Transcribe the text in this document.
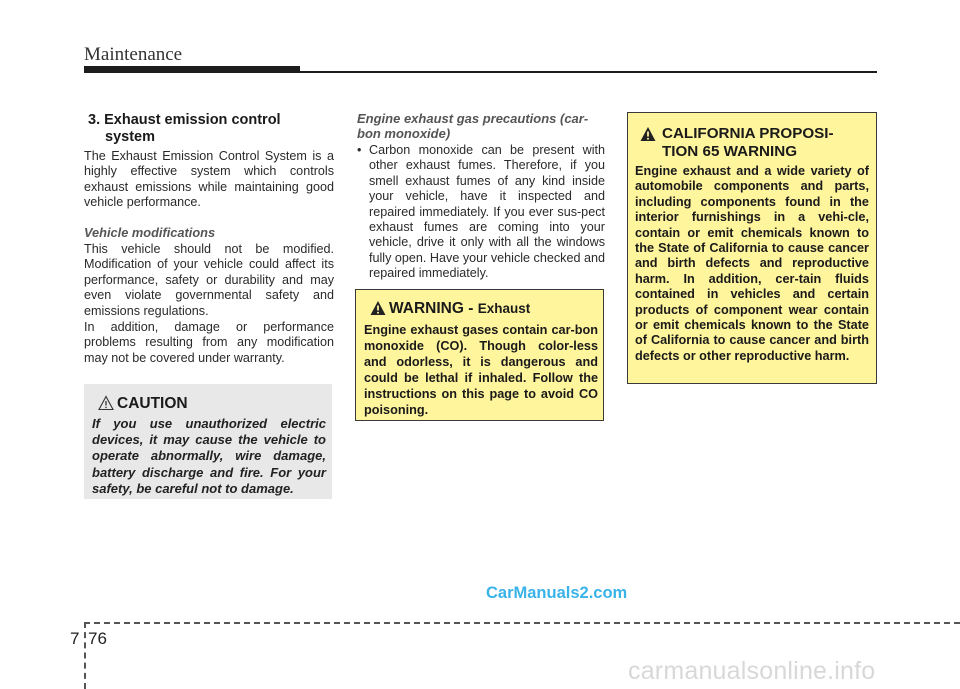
Maintenance
3. Exhaust emission control
system
The Exhaust Emission Control System is a highly effective system which controls exhaust emissions while maintaining good vehicle performance.
Vehicle modifications
This vehicle should not be modified. Modification of your vehicle could affect its performance, safety or durability and may even violate governmental safety and emissions regulations.
In addition, damage or performance problems resulting from any modification may not be covered under warranty.
CAUTION
If you use unauthorized electric devices, it may cause the vehicle to operate abnormally, wire damage, battery discharge and fire. For your safety, be careful not to damage.
Engine exhaust gas precautions (car-bon monoxide)
• Carbon monoxide can be present with other exhaust fumes. Therefore, if you smell exhaust fumes of any kind inside your vehicle, have it inspected and repaired immediately. If you ever sus-pect exhaust fumes are coming into your vehicle, drive it only with all the windows fully open. Have your vehicle checked and repaired immediately.
WARNING - Exhaust
Engine exhaust gases contain car-bon monoxide (CO). Though color-less and odorless, it is dangerous and could be lethal if inhaled. Follow the instructions on this page to avoid CO poisoning.
CALIFORNIA PROPOSI-
TION 65 WARNING
Engine exhaust and a wide variety of automobile components and parts, including components found in the interior furnishings in a vehi-cle, contain or emit chemicals known to the State of California to cause cancer and birth defects and reproductive harm. In addition, cer-tain fluids contained in vehicles and certain products of component wear contain or emit chemicals known to the State of California to cause cancer and birth defects or other reproductive harm.
CarManuals2.com
7 76
carmanualsonline.info
